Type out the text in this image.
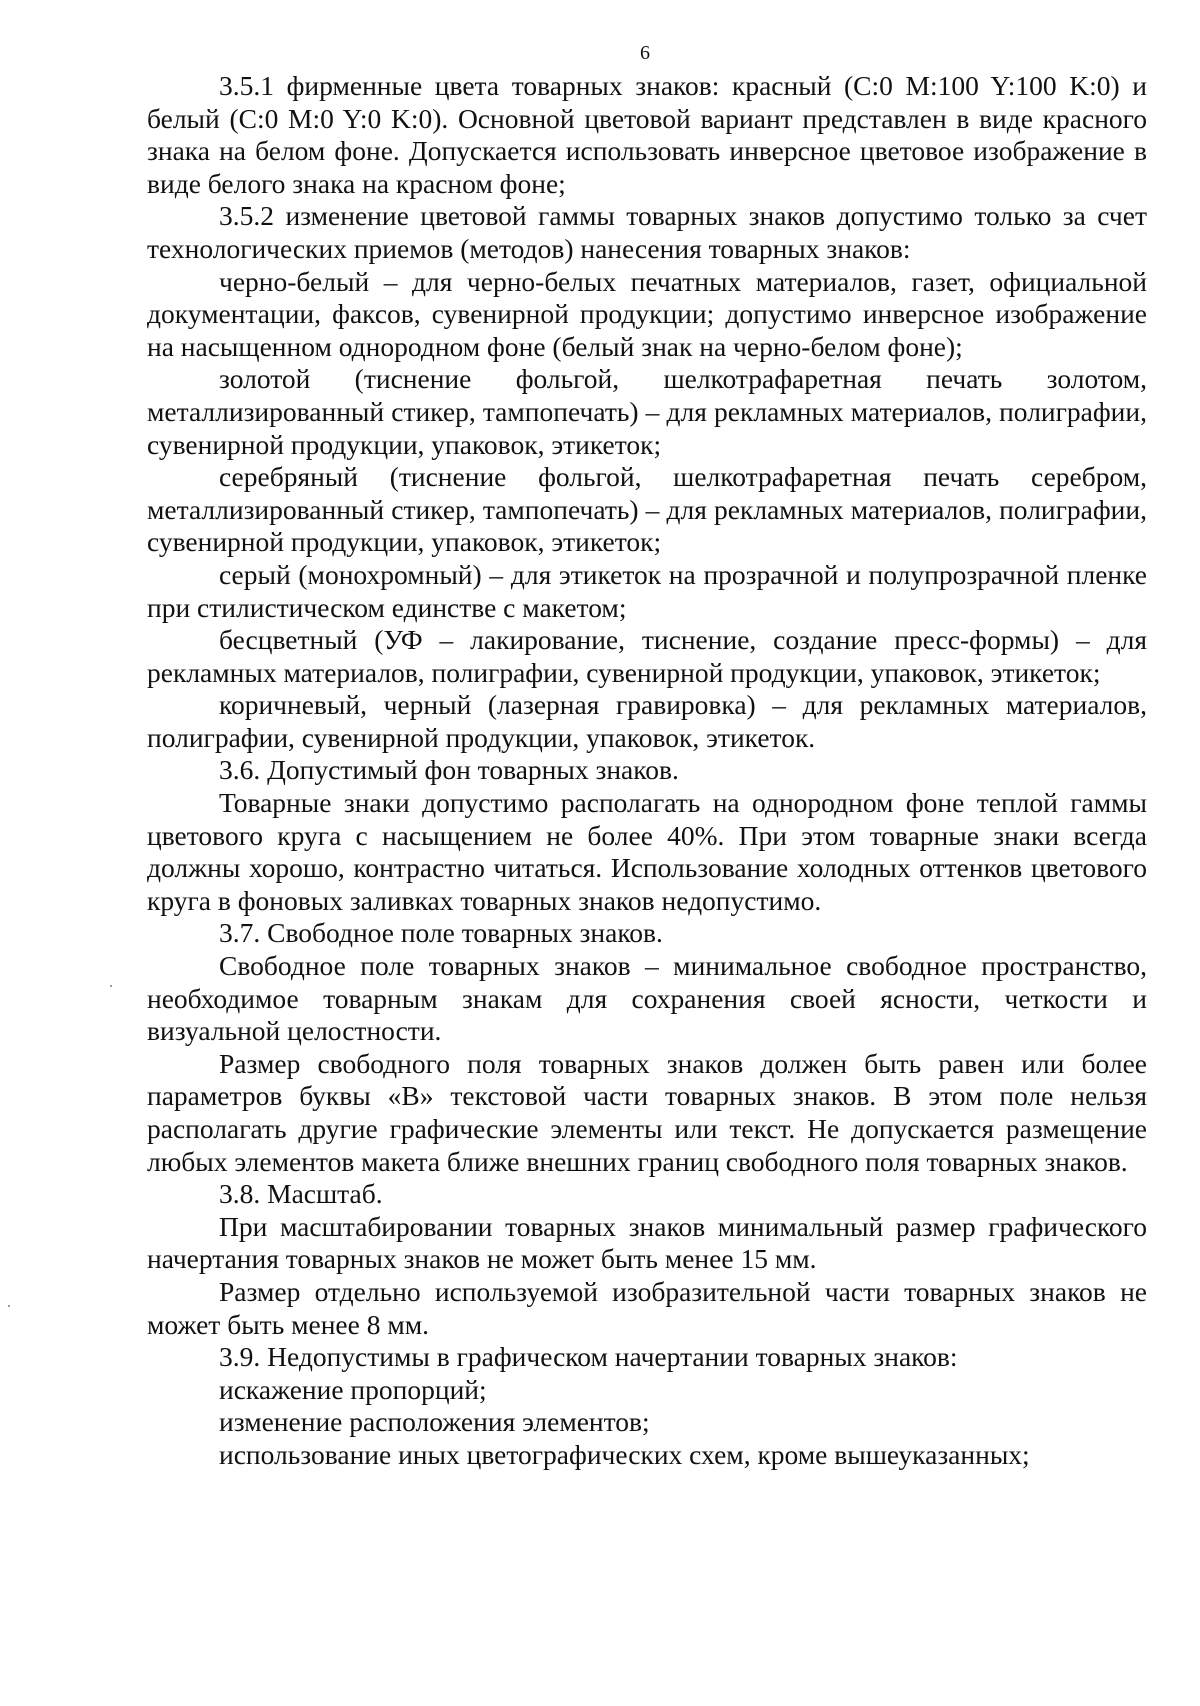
6

3.5.1 фирменные цвета товарных знаков: красный (C:0 M:100 Y:100 K:0) и белый (C:0 M:0 Y:0 K:0). Основной цветовой вариант представлен в виде красного знака на белом фоне. Допускается использовать инверсное цветовое изображение в виде белого знака на красном фоне;

3.5.2 изменение цветовой гаммы товарных знаков допустимо только за счет технологических приемов (методов) нанесения товарных знаков:

черно-белый – для черно-белых печатных материалов, газет, официальной документации, факсов, сувенирной продукции; допустимо инверсное изображение на насыщенном однородном фоне (белый знак на черно-белом фоне);

золотой (тиснение фольгой, шелкотрафаретная печать золотом, металлизированный стикер, тампопечать) – для рекламных материалов, полиграфии, сувенирной продукции, упаковок, этикеток;

серебряный (тиснение фольгой, шелкотрафаретная печать серебром, металлизированный стикер, тампопечать) – для рекламных материалов, полиграфии, сувенирной продукции, упаковок, этикеток;

серый (монохромный) – для этикеток на прозрачной и полупрозрачной пленке при стилистическом единстве с макетом;

бесцветный (УФ – лакирование, тиснение, создание пресс-формы) – для рекламных материалов, полиграфии, сувенирной продукции, упаковок, этикеток;

коричневый, черный (лазерная гравировка) – для рекламных материалов, полиграфии, сувенирной продукции, упаковок, этикеток.

3.6. Допустимый фон товарных знаков.

Товарные знаки допустимо располагать на однородном фоне теплой гаммы цветового круга с насыщением не более 40%. При этом товарные знаки всегда должны хорошо, контрастно читаться. Использование холодных оттенков цветового круга в фоновых заливках товарных знаков недопустимо.

3.7. Свободное поле товарных знаков.

Свободное поле товарных знаков – минимальное свободное пространство, необходимое товарным знакам для сохранения своей ясности, четкости и визуальной целостности.

Размер свободного поля товарных знаков должен быть равен или более параметров буквы «В» текстовой части товарных знаков. В этом поле нельзя располагать другие графические элементы или текст. Не допускается размещение любых элементов макета ближе внешних границ свободного поля товарных знаков.

3.8. Масштаб.

При масштабировании товарных знаков минимальный размер графического начертания товарных знаков не может быть менее 15 мм.

Размер отдельно используемой изобразительной части товарных знаков не может быть менее 8 мм.

3.9. Недопустимы в графическом начертании товарных знаков:

искажение пропорций;

изменение расположения элементов;

использование иных цветографических схем, кроме вышеуказанных;
